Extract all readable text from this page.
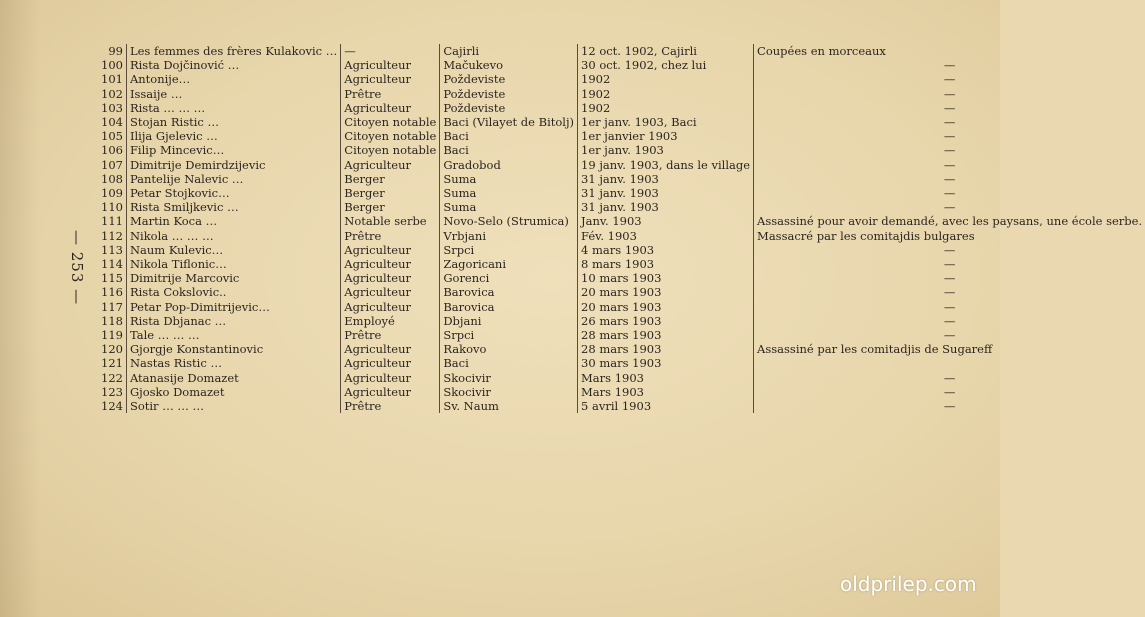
— 253 —
99	Les femmes des frères Kulakovic …	—	Cajirli	12 oct. 1902, Cajirli	Coupées en morceaux
100	Rista Dojčinović …	Agriculteur	Mačukevo	30 oct. 1902, chez lui	—
101	Antonije…	Agriculteur	Poždeviste	1902	—
102	Issaije …	Prêtre	Poždeviste	1902	—
103	Rista … … …	Agriculteur	Poždeviste	1902	—
104	Stojan Ristic …	Citoyen notable	Baci (Vilayet de Bitolj)	1er janv. 1903, Baci	—
105	Ilija Gjelevic …	Citoyen notable	Baci	1er janvier 1903	—
106	Filip Mincevic…	Citoyen notable	Baci	1er janv. 1903	—
107	Dimitrije Demirdzijevic	Agriculteur	Gradobod	19 janv. 1903, dans le village	—
108	Pantelije Nalevic …	Berger	Suma	31 janv. 1903	—
109	Petar Stojkovic…	Berger	Suma	31 janv. 1903	—
110	Rista Smiljkevic …	Berger	Suma	31 janv. 1903	—
111	Martin Koca …	Notable serbe	Novo-Selo (Strumica)	Janv. 1903	Assassiné pour avoir demandé, avec les paysans, une école serbe.
112	Nikola … … …	Prêtre	Vrbjani	Fév. 1903	Massacré par les comitajdis bulgares
113	Naum Kulevic…	Agriculteur	Srpci	4 mars 1903	—
114	Nikola Tiflonic…	Agriculteur	Zagoricani	8 mars 1903	—
115	Dimitrije Marcovic	Agriculteur	Gorenci	10 mars 1903	—
116	Rista Cokslovic..	Agriculteur	Barovica	20 mars 1903	—
117	Petar Pop-Dimitrijevic…	Agriculteur	Barovica	20 mars 1903	—
118	Rista Dbjanac …	Employé	Dbjani	26 mars 1903	—
119	Tale … … …	Prêtre	Srpci	28 mars 1903	—
120	Gjorgje Konstantinovic	Agriculteur	Rakovo	28 mars 1903	Assassiné par les comitadjis de Sugareff
121	Nastas Ristic …	Agriculteur	Baci	30 mars 1903	
122	Atanasije Domazet	Agriculteur	Skocivir	Mars 1903	—
123	Gjosko Domazet	Agriculteur	Skocivir	Mars 1903	—
124	Sotir … … …	Prêtre	Sv. Naum	5 avril 1903	—
oldprilep.com
